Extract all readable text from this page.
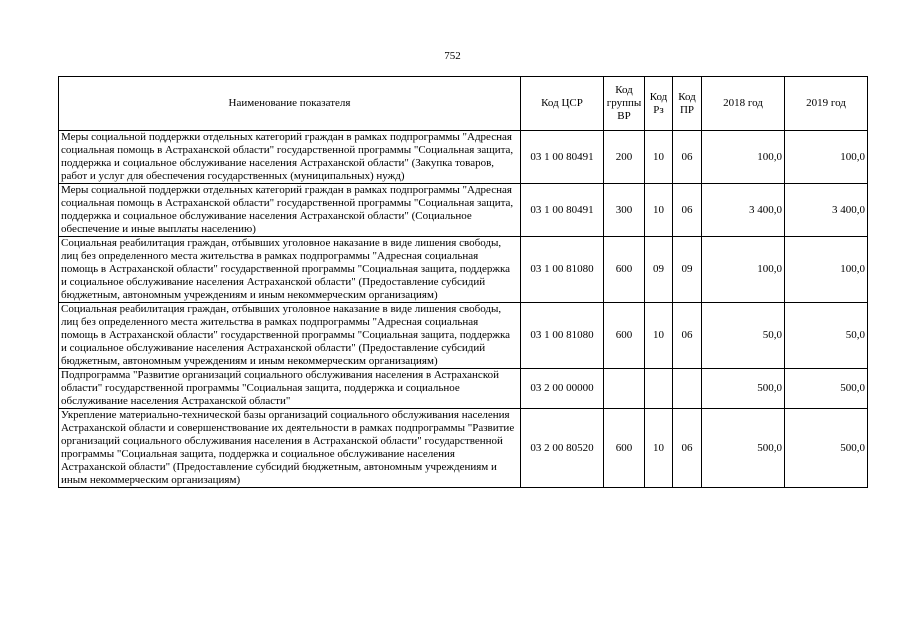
752
Наименование показателя	Код ЦСР	Код группы ВР	Код Рз	Код ПР	2018 год	2019 год
Меры социальной поддержки отдельных категорий граждан в рамках подпрограммы "Адресная социальная помощь в Астраханской области" государственной программы "Социальная защита, поддержка и социальное обслуживание населения Астраханской области" (Закупка товаров, работ и услуг для обеспечения государственных (муниципальных) нужд)	03 1 00 80491	200	10	06	100,0	100,0
Меры социальной поддержки отдельных категорий граждан в рамках подпрограммы "Адресная социальная помощь в Астраханской области" государственной программы "Социальная защита, поддержка и социальное обслуживание населения Астраханской области" (Социальное обеспечение и иные выплаты населению)	03 1 00 80491	300	10	06	3 400,0	3 400,0
Социальная реабилитация граждан, отбывших уголовное наказание в виде лишения свободы, лиц без определенного места жительства в рамках подпрограммы "Адресная социальная помощь в Астраханской области" государственной программы "Социальная защита, поддержка и социальное обслуживание населения Астраханской области" (Предоставление субсидий бюджетным, автономным учреждениям и иным некоммерческим организациям)	03 1 00 81080	600	09	09	100,0	100,0
Социальная реабилитация граждан, отбывших уголовное наказание в виде лишения свободы, лиц без определенного места жительства в рамках подпрограммы "Адресная социальная помощь в Астраханской области" государственной программы "Социальная защита, поддержка и социальное обслуживание населения Астраханской области" (Предоставление субсидий бюджетным, автономным учреждениям и иным некоммерческим организациям)	03 1 00 81080	600	10	06	50,0	50,0
Подпрограмма "Развитие организаций социального обслуживания населения в Астраханской области" государственной программы "Социальная защита, поддержка и социальное обслуживание населения Астраханской области"	03 2 00 00000				500,0	500,0
Укрепление материально-технической базы организаций социального обслуживания населения Астраханской области и совершенствование их деятельности в рамках подпрограммы "Развитие организаций социального обслуживания населения в Астраханской области" государственной программы "Социальная защита, поддержка и социальное обслуживание населения Астраханской области" (Предоставление субсидий бюджетным, автономным учреждениям и иным некоммерческим организациям)	03 2 00 80520	600	10	06	500,0	500,0
